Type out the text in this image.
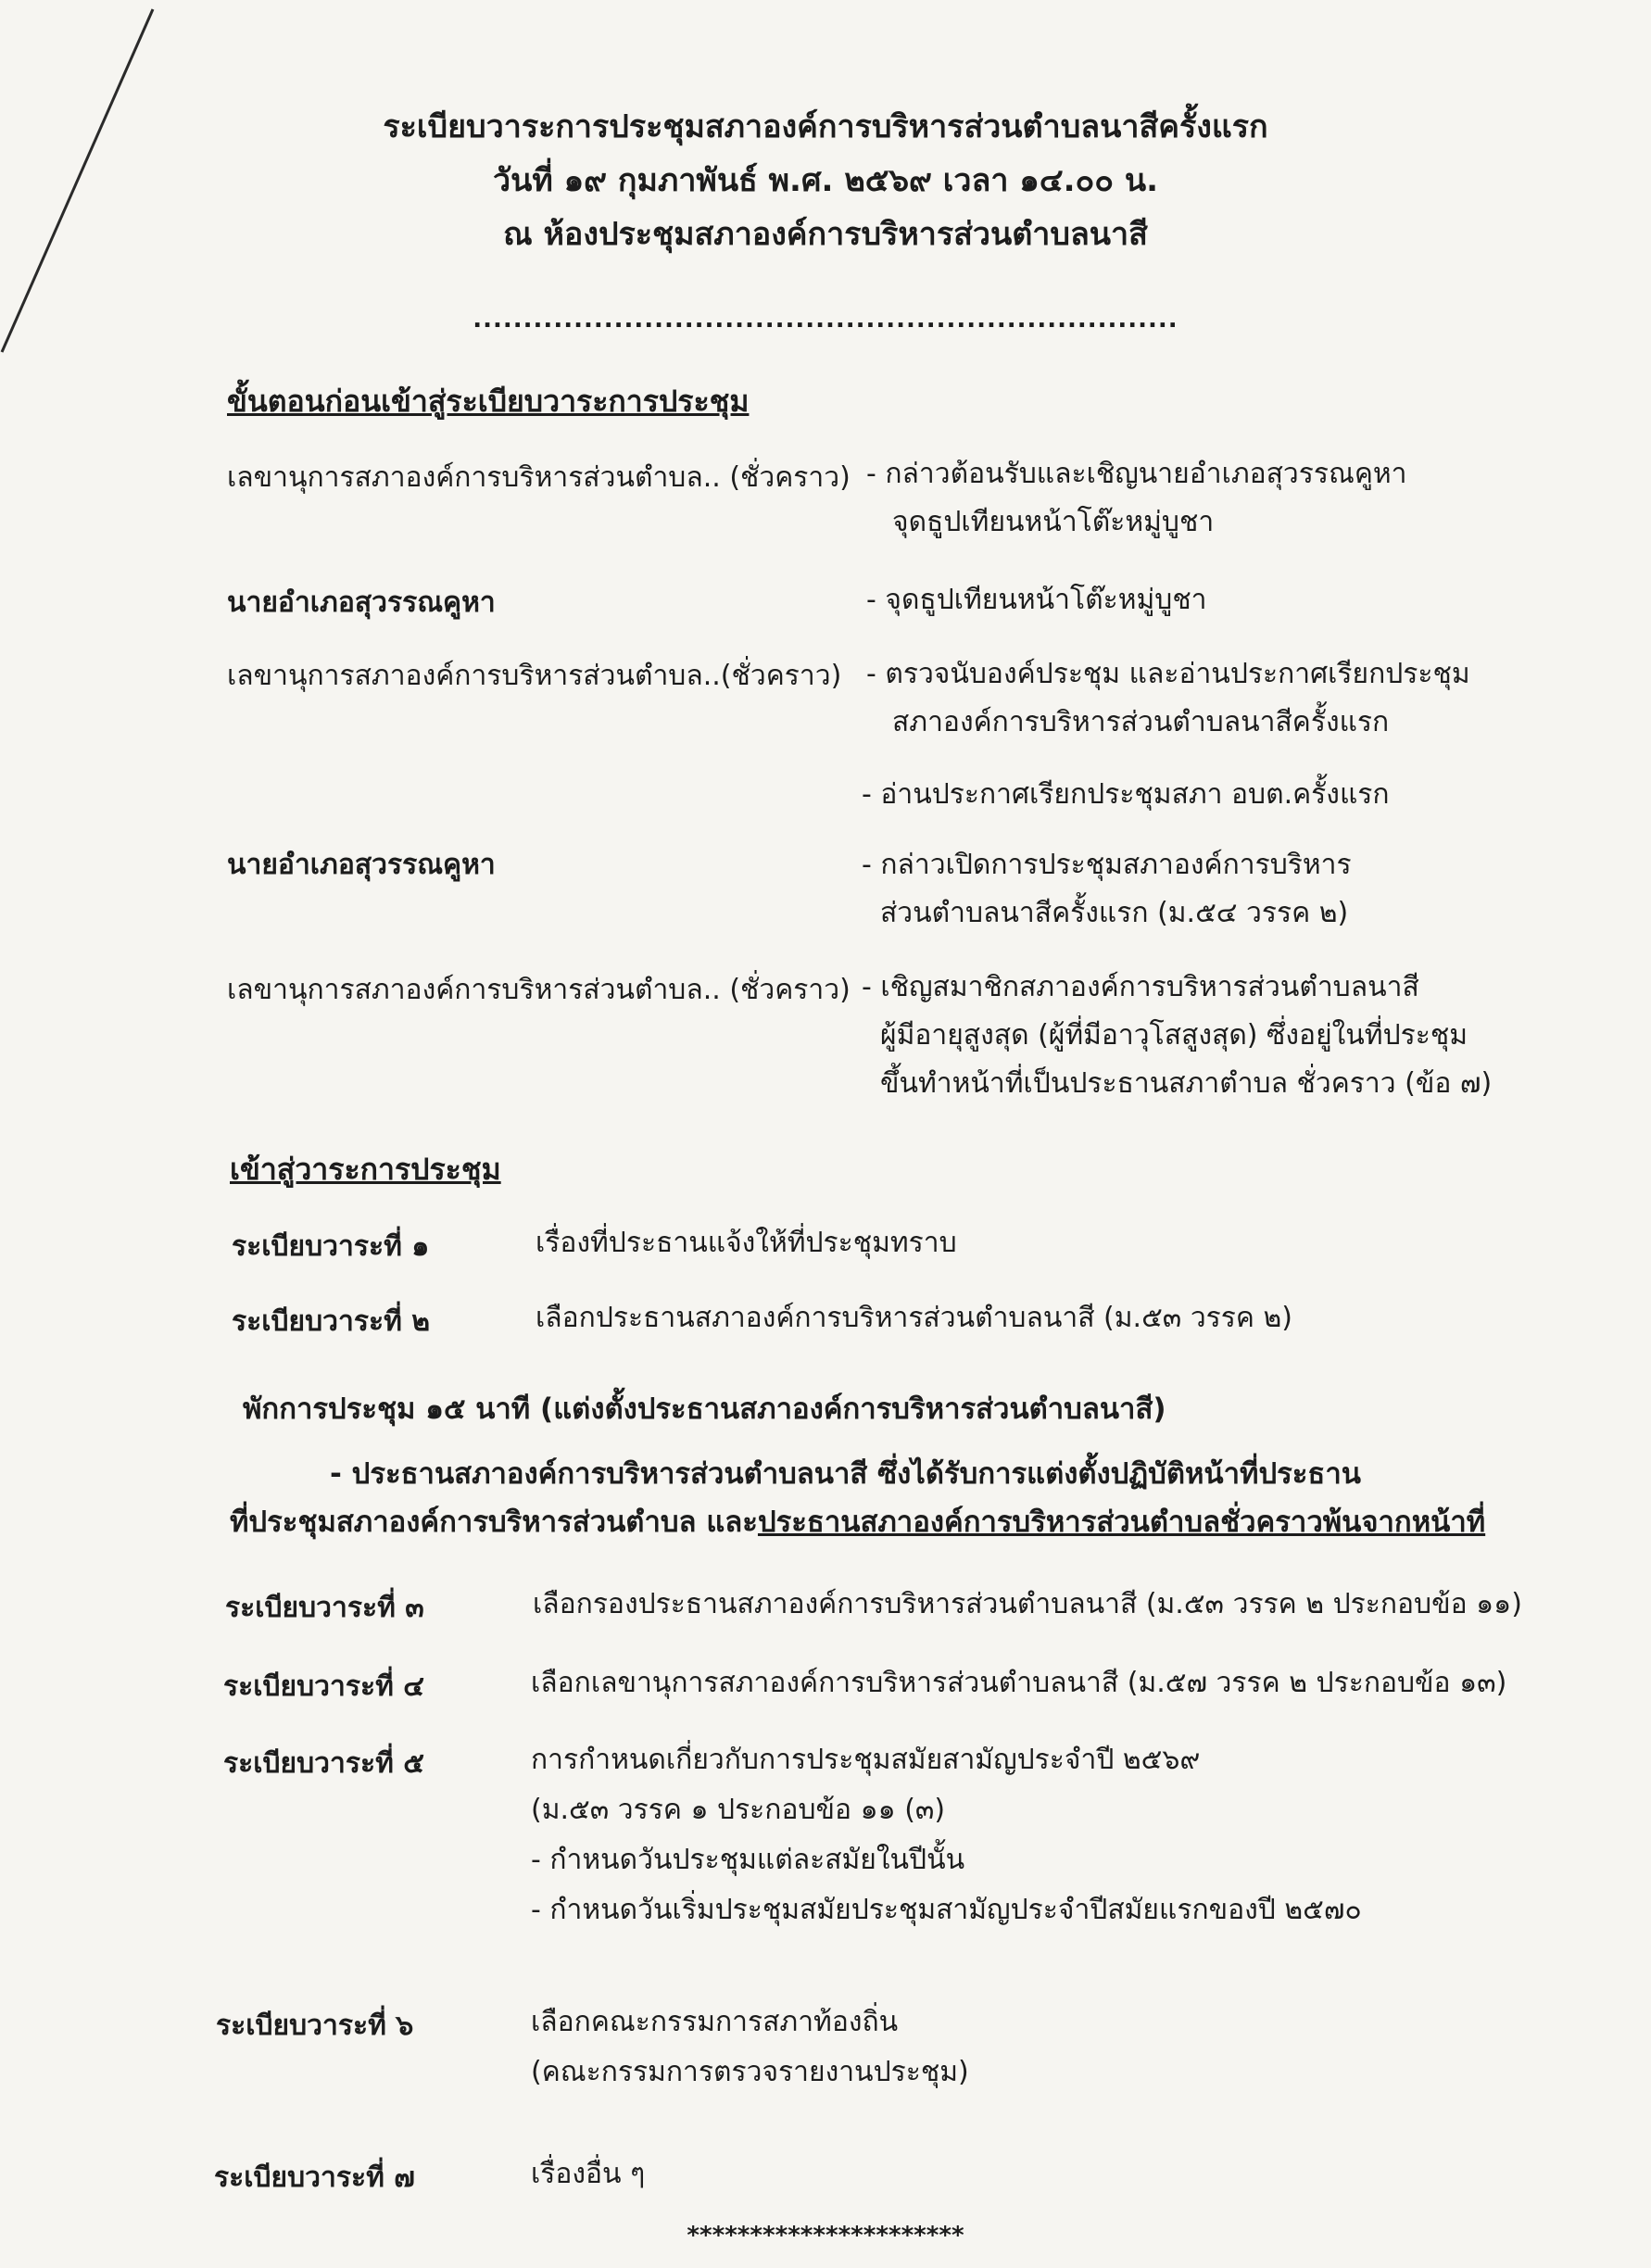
ระเบียบวาระการประชุมสภาองค์การบริหารส่วนตำบลนาสีครั้งแรก
วันที่ ๑๙ กุมภาพันธ์ พ.ศ. ๒๕๖๙ เวลา ๑๔.๐๐ น.
ณ ห้องประชุมสภาองค์การบริหารส่วนตำบลนาสี
......................................................................
ขั้นตอนก่อนเข้าสู่ระเบียบวาระการประชุม
เลขานุการสภาองค์การบริหารส่วนตำบล.. (ชั่วคราว) - กล่าวต้อนรับและเชิญนายอำเภอสุวรรณคูหา
จุดธูปเทียนหน้าโต๊ะหมู่บูชา
นายอำเภอสุวรรณคูหา	- จุดธูปเทียนหน้าโต๊ะหมู่บูชา
เลขานุการสภาองค์การบริหารส่วนตำบล..(ชั่วคราว) - ตรวจนับองค์ประชุม และอ่านประกาศเรียกประชุม
สภาองค์การบริหารส่วนตำบลนาสีครั้งแรก
- อ่านประกาศเรียกประชุมสภา อบต.ครั้งแรก
นายอำเภอสุวรรณคูหา	- กล่าวเปิดการประชุมสภาองค์การบริหาร
ส่วนตำบลนาสีครั้งแรก (ม.๕๔ วรรค ๒)
เลขานุการสภาองค์การบริหารส่วนตำบล.. (ชั่วคราว) - เชิญสมาชิกสภาองค์การบริหารส่วนตำบลนาสี
ผู้มีอายุสูงสุด (ผู้ที่มีอาวุโสสูงสุด) ซึ่งอยู่ในที่ประชุม
ขึ้นทำหน้าที่เป็นประธานสภาตำบล ชั่วคราว (ข้อ ๗)
เข้าสู่วาระการประชุม
ระเบียบวาระที่ ๑	เรื่องที่ประธานแจ้งให้ที่ประชุมทราบ
ระเบียบวาระที่ ๒	เลือกประธานสภาองค์การบริหารส่วนตำบลนาสี (ม.๕๓ วรรค ๒)
พักการประชุม ๑๕ นาที (แต่งตั้งประธานสภาองค์การบริหารส่วนตำบลนาสี)
- ประธานสภาองค์การบริหารส่วนตำบลนาสี ซึ่งได้รับการแต่งตั้งปฏิบัติหน้าที่ประธาน
ที่ประชุมสภาองค์การบริหารส่วนตำบล และประธานสภาองค์การบริหารส่วนตำบลชั่วคราวพ้นจากหน้าที่
ระเบียบวาระที่ ๓	เลือกรองประธานสภาองค์การบริหารส่วนตำบลนาสี (ม.๕๓ วรรค ๒ ประกอบข้อ ๑๑)
ระเบียบวาระที่ ๔	เลือกเลขานุการสภาองค์การบริหารส่วนตำบลนาสี (ม.๕๗ วรรค ๒ ประกอบข้อ ๑๓)
ระเบียบวาระที่ ๕	การกำหนดเกี่ยวกับการประชุมสมัยสามัญประจำปี ๒๕๖๙
(ม.๕๓ วรรค ๑ ประกอบข้อ ๑๑ (๓)
- กำหนดวันประชุมแต่ละสมัยในปีนั้น
- กำหนดวันเริ่มประชุมสมัยประชุมสามัญประจำปีสมัยแรกของปี ๒๕๗๐
ระเบียบวาระที่ ๖	เลือกคณะกรรมการสภาท้องถิ่น
(คณะกรรมการตรวจรายงานประชุม)
ระเบียบวาระที่ ๗	เรื่องอื่น ๆ
**********************
